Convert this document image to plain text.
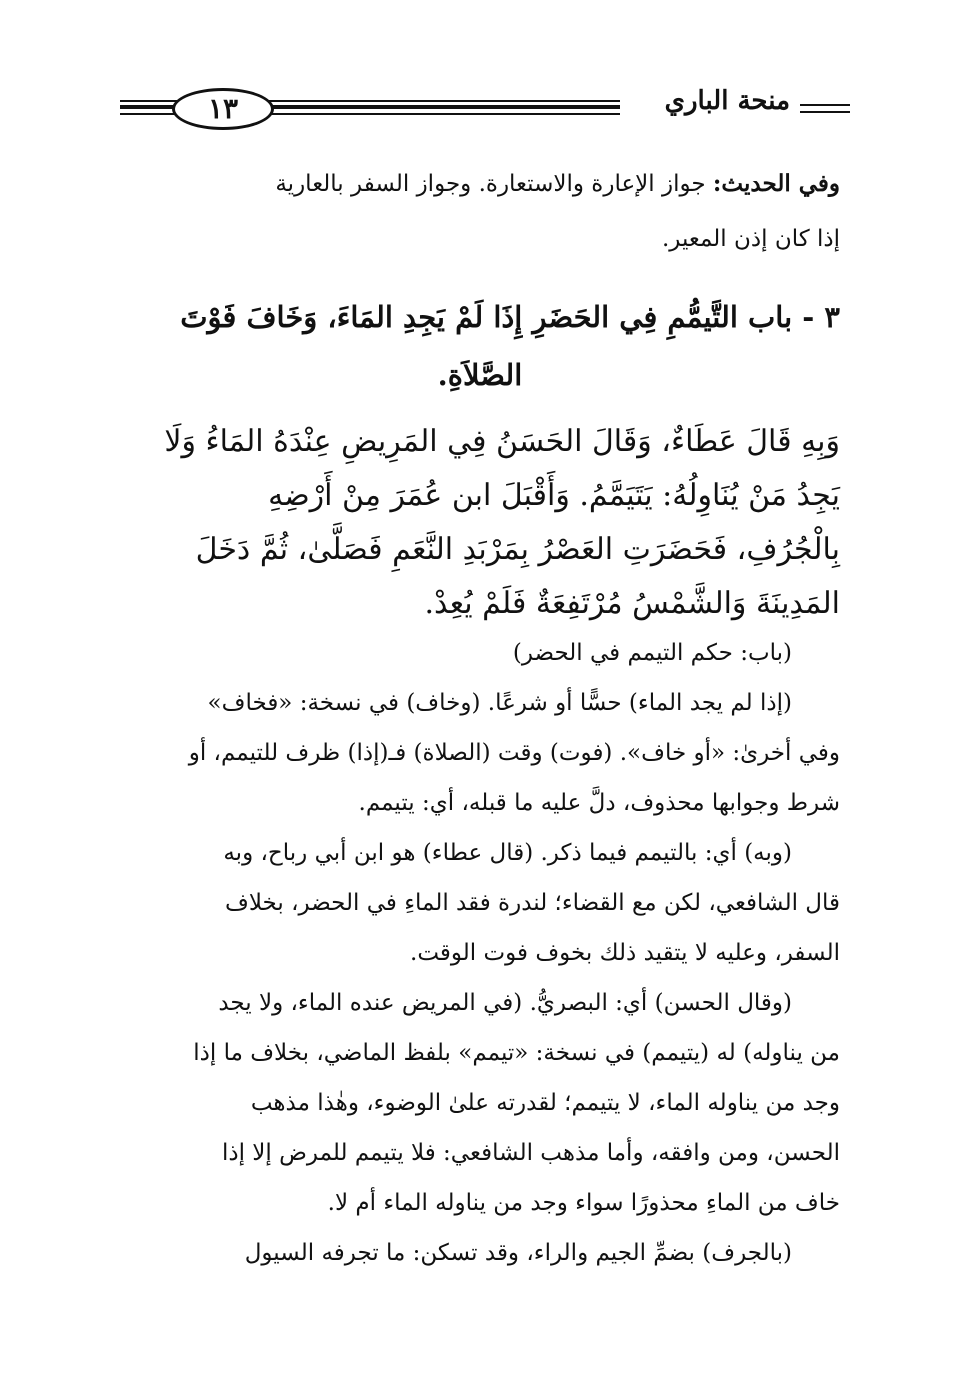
١٣	منحة الباري
وفي الحديث: جواز الإعارة والاستعارة. وجواز السفر بالعارية
إذا كان إذن المعير.
٣ - باب التَّيمُّمِ فِي الحَضَرِ إِذَا لَمْ يَجِدِ المَاءَ، وَخَافَ فَوْتَ
الصَّلاَةِ.
وَبِهِ قَالَ عَطَاءٌ، وَقَالَ الحَسَنُ فِي المَرِيضِ عِنْدَهُ المَاءُ وَلَا
يَجِدُ مَنْ يُنَاوِلُهُ: يَتَيَمَّمُ. وَأَقْبَلَ ابن عُمَرَ مِنْ أَرْضِهِ
بِالْجُرُفِ، فَحَضَرَتِ العَصْرُ بِمَرْبَدِ النَّعَمِ فَصَلَّىٰ، ثُمَّ دَخَلَ
المَدِينَةَ وَالشَّمْسُ مُرْتَفِعَةٌ فَلَمْ يُعِدْ.
(باب: حكم التيمم في الحضر)
(إذا لم يجد الماء) حسًّا أو شرعًا. (وخاف) في نسخة: «فخاف»
وفي أخرىٰ: «أو خاف». (فوت) وقت (الصلاة) فـ(إذا) ظرف للتيمم، أو
شرط وجوابها محذوف، دلَّ عليه ما قبله، أي: يتيمم.
(وبه) أي: بالتيمم فيما ذكر. (قال عطاء) هو ابن أبي رباح، وبه
قال الشافعي، لكن مع القضاء؛ لندرة فقد الماءِ في الحضر، بخلاف
السفر، وعليه لا يتقيد ذلك بخوف فوت الوقت.
(وقال الحسن) أي: البصريُّ. (في المريض عنده الماء، ولا يجد
من يناوله) له (يتيمم) في نسخة: «تيمم» بلفظ الماضي، بخلاف ما إذا
وجد من يناوله الماء، لا يتيمم؛ لقدرته علىٰ الوضوء، وهٰذا مذهب
الحسن، ومن وافقه، وأما مذهب الشافعي: فلا يتيمم للمرض إلا إذا
خاف من الماءِ محذورًا سواء وجد من يناوله الماء أم لا.
(بالجرف) بضمِّ الجيم والراء، وقد تسكن: ما تجرفه السيول
